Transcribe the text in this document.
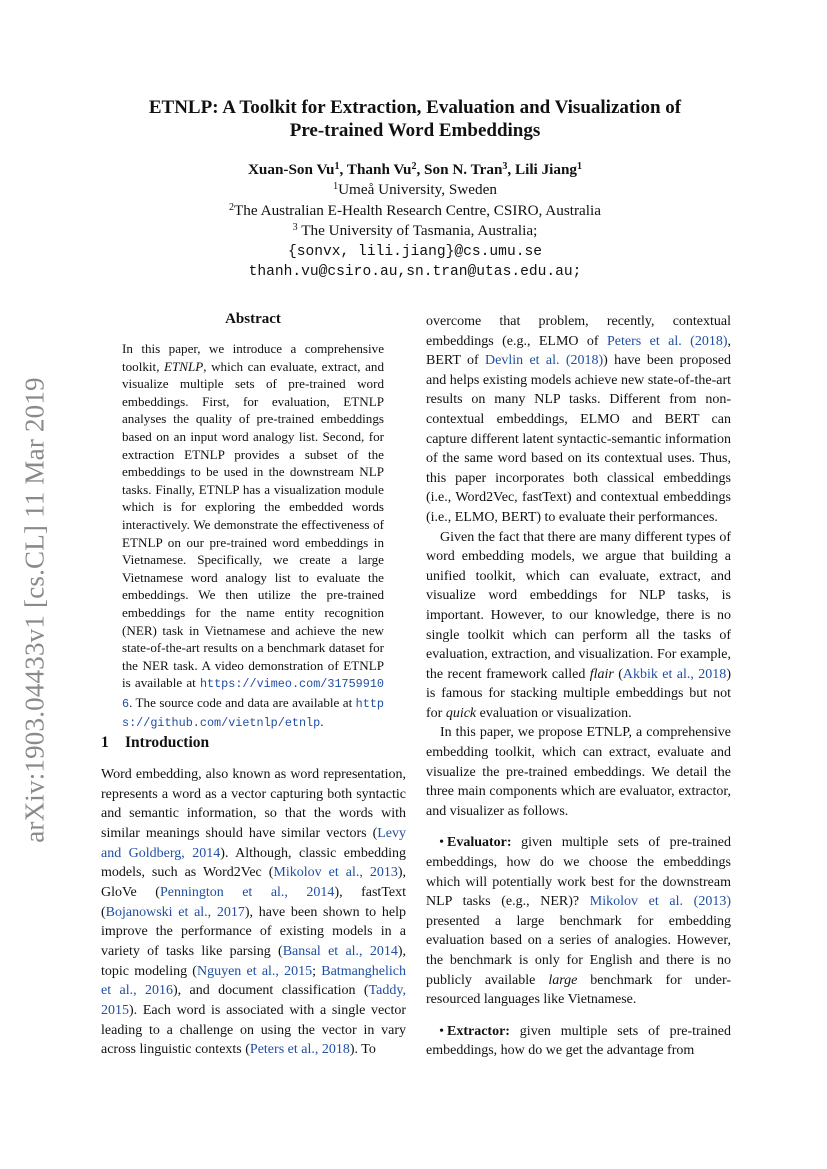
arXiv:1903.04433v1 [cs.CL] 11 Mar 2019
ETNLP: A Toolkit for Extraction, Evaluation and Visualization of
Pre-trained Word Embeddings
Xuan-Son Vu$^1$, Thanh Vu$^2$, Son N. Tran$^3$, Lili Jiang$^1$
$^1$Umeå University, Sweden
$^2$The Australian E-Health Research Centre, CSIRO, Australia
$^3$ The University of Tasmania, Australia;
{sonvx, lili.jiang}@cs.umu.se
thanh.vu@csiro.au,sn.tran@utas.edu.au;
Abstract
In this paper, we introduce a comprehensive toolkit, ETNLP, which can evaluate, extract, and visualize multiple sets of pre-trained word embeddings. First, for evaluation, ETNLP analyses the quality of pre-trained embeddings based on an input word analogy list. Second, for extraction ETNLP provides a subset of the embeddings to be used in the downstream NLP tasks. Finally, ETNLP has a visualization module which is for exploring the embedded words interactively. We demonstrate the effectiveness of ETNLP on our pre-trained word embeddings in Vietnamese. Specifically, we create a large Vietnamese word analogy list to evaluate the embeddings. We then utilize the pre-trained embeddings for the name entity recognition (NER) task in Vietnamese and achieve the new state-of-the-art results on a benchmark dataset for the NER task. A video demonstration of ETNLP is available at https://vimeo.com/317599106. The source code and data are available at https://github.com/vietnlp/etnlp.
1 Introduction

Word embedding, also known as word representation, represents a word as a vector capturing both syntactic and semantic information, so that the words with similar meanings should have similar vectors (Levy and Goldberg, 2014). Although, classic embedding models, such as Word2Vec (Mikolov et al., 2013), GloVe (Pennington et al., 2014), fastText (Bojanowski et al., 2017), have been shown to help improve the performance of existing models in a variety of tasks like parsing (Bansal et al., 2014), topic modeling (Nguyen et al., 2015; Batmanghelich et al., 2016), and document classification (Taddy, 2015). Each word is associated with a single vector leading to a challenge on using the vector in vary across linguistic contexts (Peters et al., 2018). To

overcome that problem, recently, contextual embeddings (e.g., ELMO of Peters et al. (2018), BERT of Devlin et al. (2018)) have been proposed and helps existing models achieve new state-of-the-art results on many NLP tasks. Different from non-contextual embeddings, ELMO and BERT can capture different latent syntactic-semantic information of the same word based on its contextual uses. Thus, this paper incorporates both classical embeddings (i.e., Word2Vec, fastText) and contextual embeddings (i.e., ELMO, BERT) to evaluate their performances.

Given the fact that there are many different types of word embedding models, we argue that building a unified toolkit, which can evaluate, extract, and visualize word embeddings for NLP tasks, is important. However, to our knowledge, there is no single toolkit which can perform all the tasks of evaluation, extraction, and visualization. For example, the recent framework called flair (Akbik et al., 2018) is famous for stacking multiple embeddings but not for quick evaluation or visualization.

In this paper, we propose ETNLP, a comprehensive embedding toolkit, which can extract, evaluate and visualize the pre-trained embeddings. We detail the three main components which are evaluator, extractor, and visualizer as follows.

• Evaluator: given multiple sets of pre-trained embeddings, how do we choose the embeddings which will potentially work best for the downstream NLP tasks (e.g., NER)? Mikolov et al. (2013) presented a large benchmark for embedding evaluation based on a series of analogies. However, the benchmark is only for English and there is no publicly available large benchmark for under-resourced languages like Vietnamese.

• Extractor: given multiple sets of pre-trained embeddings, how do we get the advantage from
